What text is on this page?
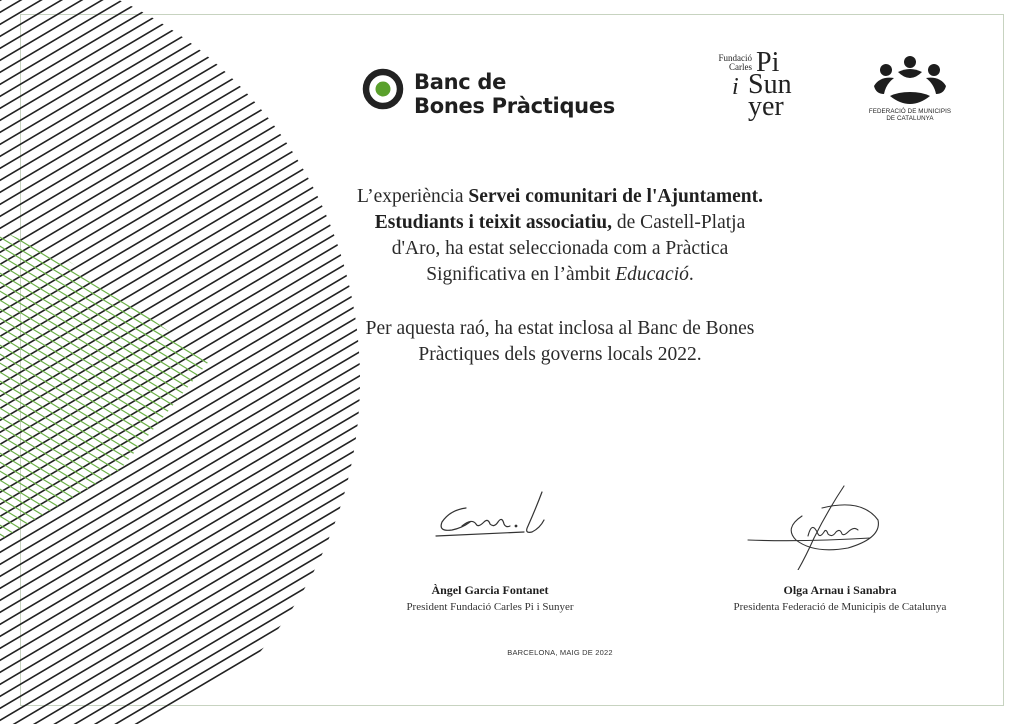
Banc de
Bones Pràctiques
Fundació
Carles Pi
i Sun
yer	FEDERACIÓ DE MUNICIPIS
DE CATALUNYA

L’experiència Servei comunitari de l'Ajuntament.
Estudiants i teixit associatiu, de Castell-Platja
d'Aro, ha estat seleccionada com a Pràctica
Significativa en l’àmbit Educació.

Per aquesta raó, ha estat inclosa al Banc de Bones
Pràctiques dels governs locals 2022.

Àngel Garcia Fontanet
President Fundació Carles Pi i Sunyer
Olga Arnau i Sanabra
Presidenta Federació de Municipis de Catalunya
BARCELONA, MAIG DE 2022
